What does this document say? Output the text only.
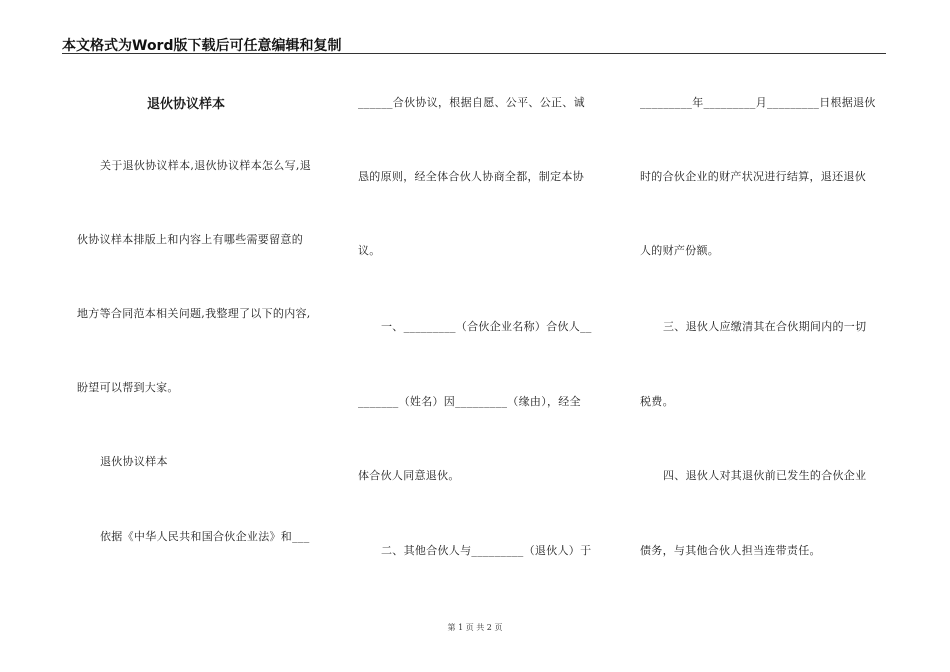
本文格式为Word版下载后可任意编辑和复制
退伙协议样本
关于退伙协议样本,退伙协议样本怎么写,退
伙协议样本排版上和内容上有哪些需要留意的
地方等合同范本相关问题,我整理了以下的内容,
盼望可以帮到大家。
退伙协议样本
依据《中华人民共和国合伙企业法》和___
______合伙协议，根据自愿、公平、公正、诚
恳的原则，经全体合伙人协商全都，制定本协
议。
一、_________（合伙企业名称）合伙人__
_______（姓名）因_________（缘由），经全
体合伙人同意退伙。
二、其他合伙人与_________（退伙人）于
_________年_________月_________日根据退伙
时的合伙企业的财产状况进行结算，退还退伙
人的财产份额。
三、退伙人应缴清其在合伙期间内的一切
税费。
四、退伙人对其退伙前已发生的合伙企业
债务，与其他合伙人担当连带责任。
第 1 页 共 2 页
